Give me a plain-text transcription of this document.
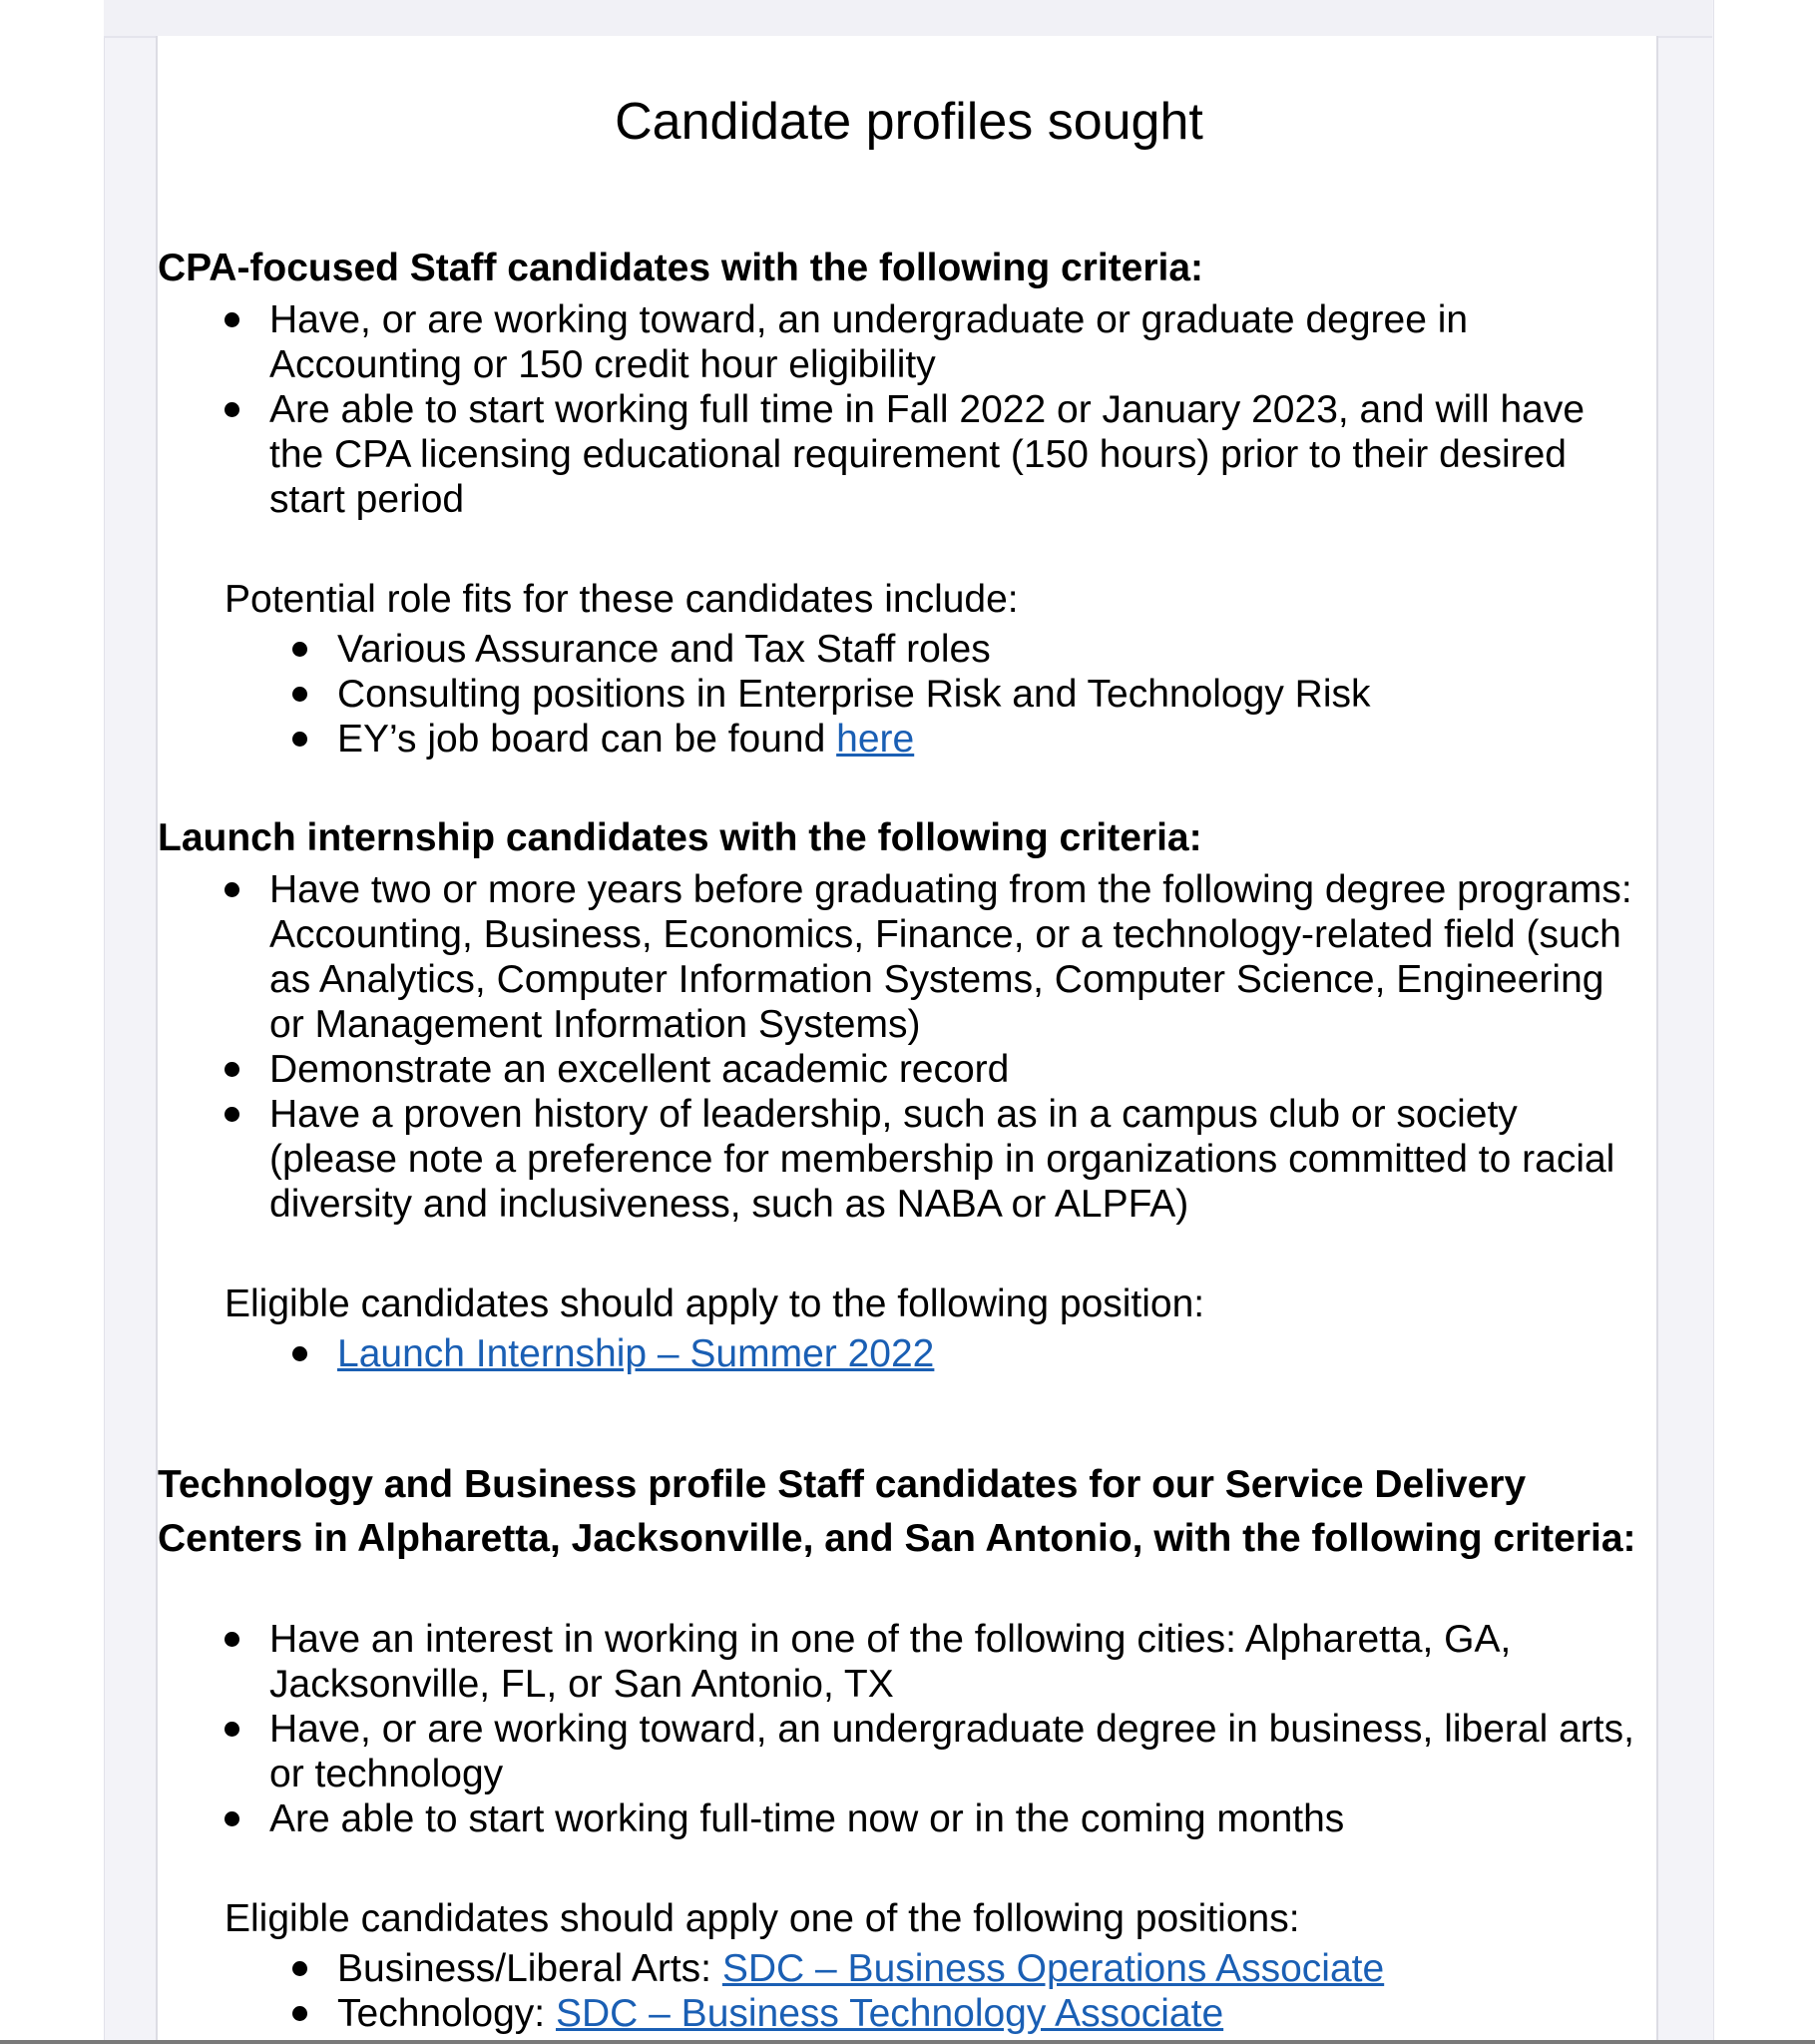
Candidate profiles sought
CPA-focused Staff candidates with the following criteria:
Have, or are working toward, an undergraduate or graduate degree in Accounting or 150 credit hour eligibility
Are able to start working full time in Fall 2022 or January 2023, and will have the CPA licensing educational requirement (150 hours) prior to their desired start period
Potential role fits for these candidates include:
Various Assurance and Tax Staff roles
Consulting positions in Enterprise Risk and Technology Risk
EY’s job board can be found here
Launch internship candidates with the following criteria:
Have two or more years before graduating from the following degree programs: Accounting, Business, Economics, Finance, or a technology-related field (such as Analytics, Computer Information Systems, Computer Science, Engineering or Management Information Systems)
Demonstrate an excellent academic record
Have a proven history of leadership, such as in a campus club or society (please note a preference for membership in organizations committed to racial diversity and inclusiveness, such as NABA or ALPFA)
Eligible candidates should apply to the following position:
Launch Internship – Summer 2022
Technology and Business profile Staff candidates for our Service Delivery Centers in Alpharetta, Jacksonville, and San Antonio, with the following criteria:
Have an interest in working in one of the following cities: Alpharetta, GA, Jacksonville, FL, or San Antonio, TX
Have, or are working toward, an undergraduate degree in business, liberal arts, or technology
Are able to start working full-time now or in the coming months
Eligible candidates should apply one of the following positions:
Business/Liberal Arts: SDC – Business Operations Associate
Technology: SDC – Business Technology Associate
